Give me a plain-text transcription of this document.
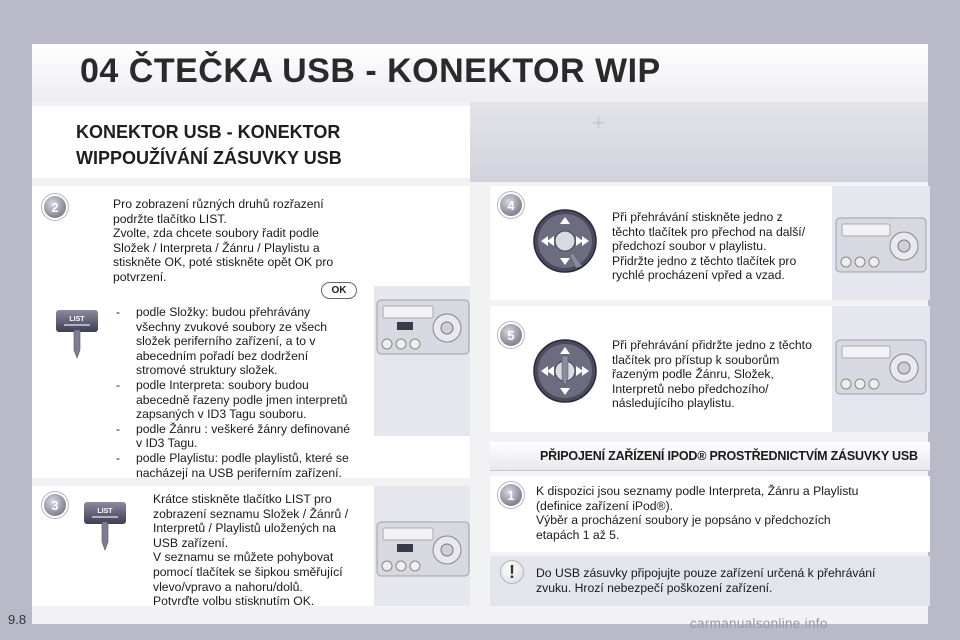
04 ČTEČKA USB - KONEKTOR WIP
+
KONEKTOR USB - KONEKTOR
WIPPOUŽÍVÁNÍ ZÁSUVKY USB
2	Pro zobrazení různých druhů rozřazení
podržte tlačítko LIST.
Zvolte, zda chcete soubory řadit podle
Složek / Interpreta / Žánru / Playlistu a
stiskněte OK, poté stiskněte opět OK pro
potvrzení.
OK
LIST
- podle Složky: budou přehrávány
všechny zvukové soubory ze všech
složek periferního zařízení, a to v
abecedním pořadí bez dodržení
stromové struktury složek.
- podle Interpreta: soubory budou
abecedně řazeny podle jmen interpretů
zapsaných v ID3 Tagu souboru.
- podle Žánru : veškeré žánry definované
v ID3 Tagu.
- podle Playlistu: podle playlistů, které se
nacházejí na USB periferním zařízení.
3	LIST
Krátce stiskněte tlačítko LIST pro
zobrazení seznamu Složek / Žánrů /
Interpretů / Playlistů uložených na
USB zařízení.
V seznamu se můžete pohybovat
pomocí tlačítek se šipkou směřující
vlevo/vpravo a nahoru/dolů.
Potvrďte volbu stisknutím OK.
4
Při přehrávání stiskněte jedno z
těchto tlačítek pro přechod na další/
předchozí soubor v playlistu.
Přidržte jedno z těchto tlačítek pro
rychlé procházení vpřed a vzad.
5
Při přehrávání přidržte jedno z těchto
tlačítek pro přístup k souborům
řazeným podle Žánru, Složek,
Interpretů nebo předchozího/
následujícího playlistu.
PŘIPOJENÍ ZAŘÍZENÍ IPOD® PROSTŘEDNICTVÍM ZÁSUVKY USB
1	K dispozici jsou seznamy podle Interpreta, Žánru a Playlistu
(definice zařízení iPod®).
Výběr a procházení soubory je popsáno v předchozích
etapách 1 až 5.
!	Do USB zásuvky připojujte pouze zařízení určená k přehrávání
zvuku. Hrozí nebezpečí poškození zařízení.
9.8	carmanualsonline.info
